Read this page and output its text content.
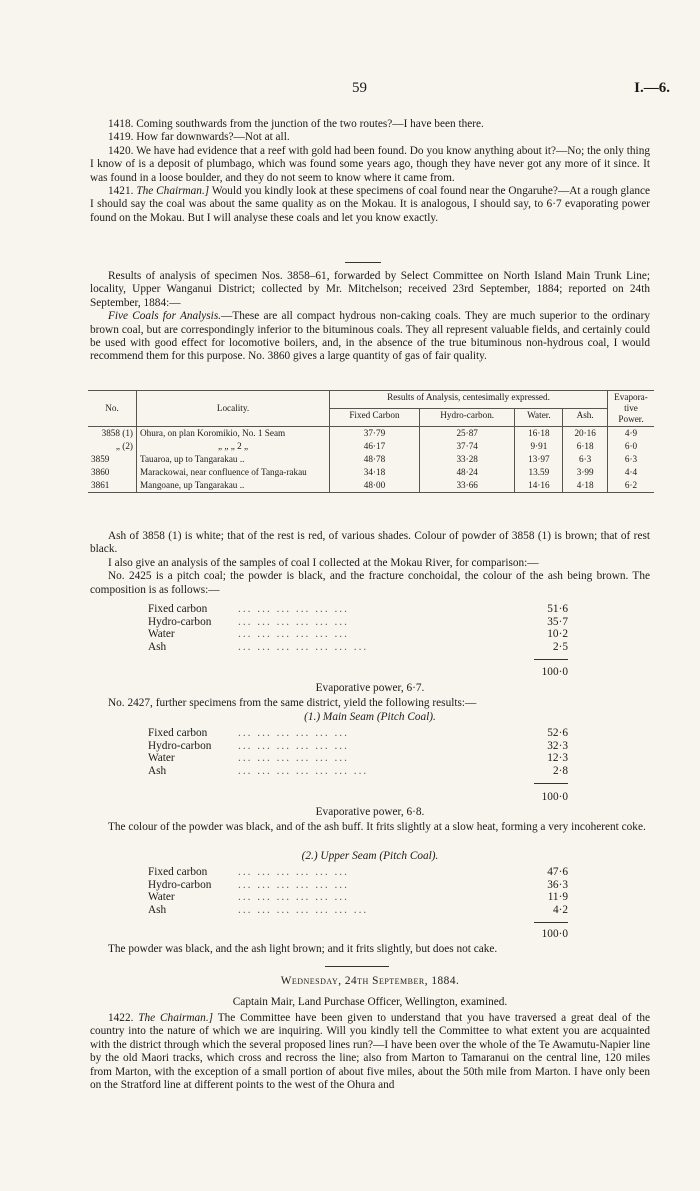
59	I.—6.

1418. Coming southwards from the junction of the two routes?—I have been there.

1419. How far downwards?—Not at all.

1420. We have had evidence that a reef with gold had been found. Do you know anything about it?—No; the only thing I know of is a deposit of plumbago, which was found some years ago, though they have never got any more of it since. It was found in a loose boulder, and they do not seem to know where it came from.

1421. The Chairman.] Would you kindly look at these specimens of coal found near the Ongaruhe?—At a rough glance I should say the coal was about the same quality as on the Mokau. It is analogous, I should say, to 6·7 evaporating power found on the Mokau. But I will analyse these coals and let you know exactly.

Results of analysis of specimen Nos. 3858–61, forwarded by Select Committee on North Island Main Trunk Line; locality, Upper Wanganui District; collected by Mr. Mitchelson; received 23rd September, 1884; reported on 24th September, 1884:—

Five Coals for Analysis.—These are all compact hydrous non-caking coals. They are much superior to the ordinary brown coal, but are correspondingly inferior to the bituminous coals. They all represent valuable fields, and certainly could be used with good effect for locomotive boilers, and, in the absence of the true bituminous non-hydrous coal, I would recommend them for this purpose. No. 3860 gives a large quantity of gas of fair quality.

No.	Locality.	Results of Analysis, centesimally expressed.				Evapora-tive Power.
		Fixed Carbon	Hydro-carbon.	Water.	Ash.	
3858 (1)	Ohura, on plan Koromikio, No. 1 Seam	37·79	25·87	16·18	20·16	4·9
„ (2)	„ „ „ 2 „	46·17	37·74	9·91	6·18	6·0
3859	Tauaroa, up to Tangarakau ..	48·78	33·28	13·97	6·3	6·3
3860	Marackowai, near confluence of Tanga-rakau	34·18	48·24	13.59	3·99	4·4
3861	Mangoane, up Tangarakau ..	48·00	33·66	14·16	4·18	6·2

Ash of 3858 (1) is white; that of the rest is red, of various shades. Colour of powder of 3858 (1) is brown; that of rest black.

I also give an analysis of the samples of coal I collected at the Mokau River, for comparison:—

No. 2425 is a pitch coal; the powder is black, and the fracture conchoidal, the colour of the ash being brown. The composition is as follows:—

Fixed carbon	... ... ... ... ... ...	51·6
Hydro-carbon ... ... ... ... ... ...	35·7
Water	... ... ... ... ... ...	10·2
Ash	... ... ... ... ... ... ...	2·5
100·0
Evaporative power, 6·7.

No. 2427, further specimens from the same district, yield the following results:—

(1.) Main Seam (Pitch Coal).
Fixed carbon	... ... ... ... ... ...	52·6
Hydro-carbon ... ... ... ... ... ...	32·3
Water	... ... ... ... ... ...	12·3
Ash	... ... ... ... ... ... ...	2·8
100·0
Evaporative power, 6·8.

The colour of the powder was black, and of the ash buff. It frits slightly at a slow heat, forming a very incoherent coke.

(2.) Upper Seam (Pitch Coal).
Fixed carbon	... ... ... ... ... ...	47·6
Hydro-carbon ... ... ... ... ... ...	36·3
Water	... ... ... ... ... ...	11·9
Ash	... ... ... ... ... ... ...	4·2
100·0

The powder was black, and the ash light brown; and it frits slightly, but does not cake.

Wednesday, 24th September, 1884.
Captain Mair, Land Purchase Officer, Wellington, examined.

1422. The Chairman.] The Committee have been given to understand that you have traversed a great deal of the country into the nature of which we are inquiring. Will you kindly tell the Committee to what extent you are acquainted with the district through which the several proposed lines run?—I have been over the whole of the Te Awamutu-Napier line by the old Maori tracks, which cross and recross the line; also from Marton to Tamaranui on the central line, 120 miles from Marton, with the exception of a small portion of about five miles, about the 50th mile from Marton. I have only been on the Stratford line at different points to the west of the Ohura and
